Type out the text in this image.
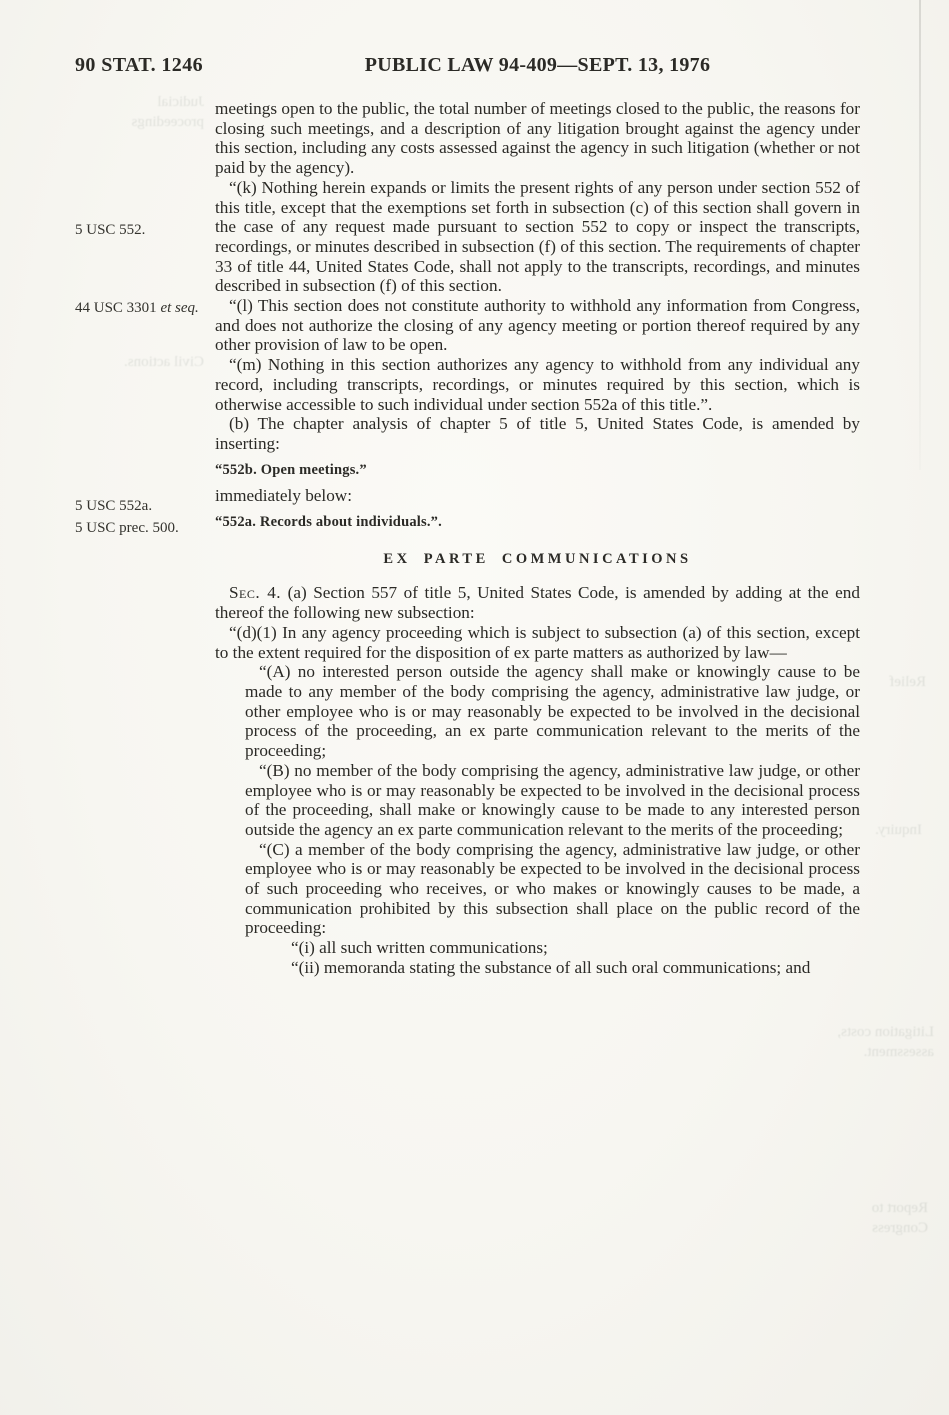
90 STAT. 1246	PUBLIC LAW 94-409—SEPT. 13, 1976
Judicial proceedings
Civil actions.
Relief
Inquiry.
Litigation costs, assessment.
Report to Congress
5 USC 552.
44 USC 3301 et seq.
5 USC 552a.
5 USC prec. 500.

meetings open to the public, the total number of meetings closed to the public, the reasons for closing such meetings, and a description of any litigation brought against the agency under this section, including any costs assessed against the agency in such litigation (whether or not paid by the agency).

“(k) Nothing herein expands or limits the present rights of any person under section 552 of this title, except that the exemptions set forth in subsection (c) of this section shall govern in the case of any request made pursuant to section 552 to copy or inspect the transcripts, recordings, or minutes described in subsection (f) of this section. The requirements of chapter 33 of title 44, United States Code, shall not apply to the transcripts, recordings, and minutes described in subsection (f) of this section.

“(l) This section does not constitute authority to withhold any information from Congress, and does not authorize the closing of any agency meeting or portion thereof required by any other provision of law to be open.

“(m) Nothing in this section authorizes any agency to withhold from any individual any record, including transcripts, recordings, or minutes required by this section, which is otherwise accessible to such individual under section 552a of this title.”.

(b) The chapter analysis of chapter 5 of title 5, United States Code, is amended by inserting:

“552b. Open meetings.”

immediately below:

“552a. Records about individuals.”.

EX PARTE COMMUNICATIONS

Sec. 4. (a) Section 557 of title 5, United States Code, is amended by adding at the end thereof the following new subsection:

“(d)(1) In any agency proceeding which is subject to subsection (a) of this section, except to the extent required for the disposition of ex parte matters as authorized by law—

“(A) no interested person outside the agency shall make or knowingly cause to be made to any member of the body comprising the agency, administrative law judge, or other employee who is or may reasonably be expected to be involved in the decisional process of the proceeding, an ex parte communication relevant to the merits of the proceeding;

“(B) no member of the body comprising the agency, administrative law judge, or other employee who is or may reasonably be expected to be involved in the decisional process of the proceeding, shall make or knowingly cause to be made to any interested person outside the agency an ex parte communication relevant to the merits of the proceeding;

“(C) a member of the body comprising the agency, administrative law judge, or other employee who is or may reasonably be expected to be involved in the decisional process of such proceeding who receives, or who makes or knowingly causes to be made, a communication prohibited by this subsection shall place on the public record of the proceeding:

“(i) all such written communications;

“(ii) memoranda stating the substance of all such oral communications; and
